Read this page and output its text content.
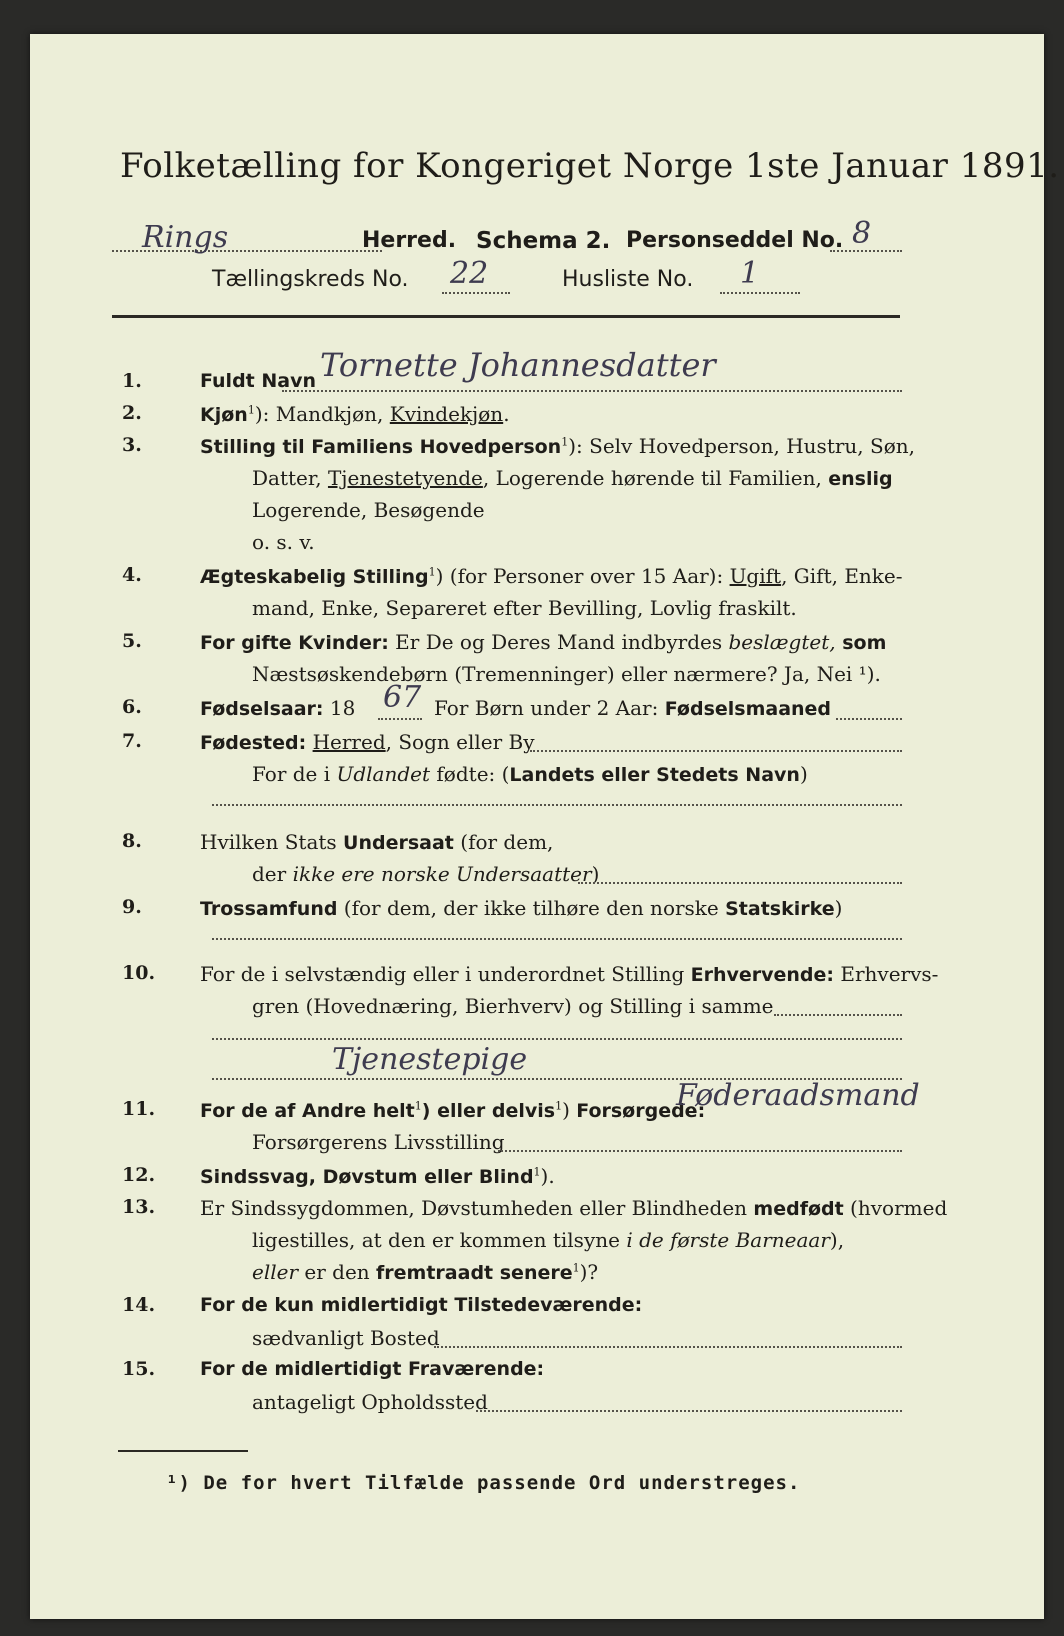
Folketælling for Kongeriget Norge 1ste Januar 1891.
Rings	Herred. Schema 2. Personseddel No. 8
Tællingskreds No. 22	Husliste No. 1
1.	Fuldt Navn Tornette Johannesdatter
2.	Kjøn$^1$): Mandkjøn, Kvindekjøn.
3.	Stilling til Familiens Hovedperson$^1$): Selv Hovedperson, Hustru, Søn,
Datter, Tjenestetyende, Logerende hørende til Familien, enslig
Logerende, Besøgende
o. s. v.
4.	Ægteskabelig Stilling$^1$) (for Personer over 15 Aar): Ugift, Gift, Enke-
mand, Enke, Separeret efter Bevilling, Lovlig fraskilt.
5.	For gifte Kvinder: Er De og Deres Mand indbyrdes beslægtet, som
Næstsøskendebørn (Tremenninger) eller nærmere? Ja, Nei ¹).
6.	Fødselsaar: 18 67 For Børn under 2 Aar: Fødselsmaaned
7.	Fødested: Herred, Sogn eller By
For de i Udlandet fødte: (Landets eller Stedets Navn)
8.	Hvilken Stats Undersaat (for dem,
der ikke ere norske Undersaatter)
9.	Trossamfund (for dem, der ikke tilhøre den norske Statskirke)
10.	For de i selvstændig eller i underordnet Stilling Erhvervende: Erhvervs-
gren (Hovednæring, Bierhverv) og Stilling i samme
Tjenestepige
11.	For de af Andre helt$^1$) eller delvis$^1$) Forsørgede:
Føderaadsmand
Forsørgerens Livsstilling
12.	Sindssvag, Døvstum eller Blind$^1$).
13.	Er Sindssygdommen, Døvstumheden eller Blindheden medfødt (hvormed
ligestilles, at den er kommen tilsyne i de første Barneaar),
eller er den fremtraadt senere$^1$)?
14.	For de kun midlertidigt Tilstedeværende:
sædvanligt Bosted
15.	For de midlertidigt Fraværende:
antageligt Opholdssted
¹) De for hvert Tilfælde passende Ord understreges.
